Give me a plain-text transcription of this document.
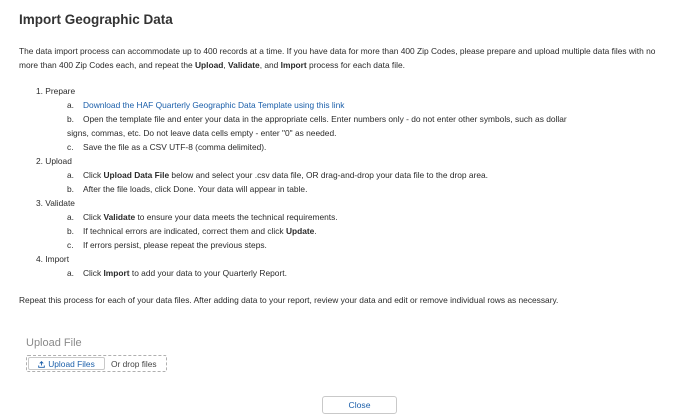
Import Geographic Data
The data import process can accommodate up to 400 records at a time. If you have data for more than 400 Zip Codes, please prepare and upload multiple data files with no more than 400 Zip Codes each, and repeat the Upload, Validate, and Import process for each data file.
1. Prepare
a. Download the HAF Quarterly Geographic Data Template using this link
b. Open the template file and enter your data in the appropriate cells. Enter numbers only - do not enter other symbols, such as dollar
signs, commas, etc. Do not leave data cells empty - enter "0" as needed.
c. Save the file as a CSV UTF-8 (comma delimited).
2. Upload
a. Click Upload Data File below and select your .csv data file, OR drag-and-drop your data file to the drop area.
b. After the file loads, click Done. Your data will appear in table.
3. Validate
a. Click Validate to ensure your data meets the technical requirements.
b. If technical errors are indicated, correct them and click Update.
c. If errors persist, please repeat the previous steps.
4. Import
a. Click Import to add your data to your Quarterly Report.
Repeat this process for each of your data files. After adding data to your report, review your data and edit or remove individual rows as necessary.
Upload File
Upload Files Or drop files
Close
